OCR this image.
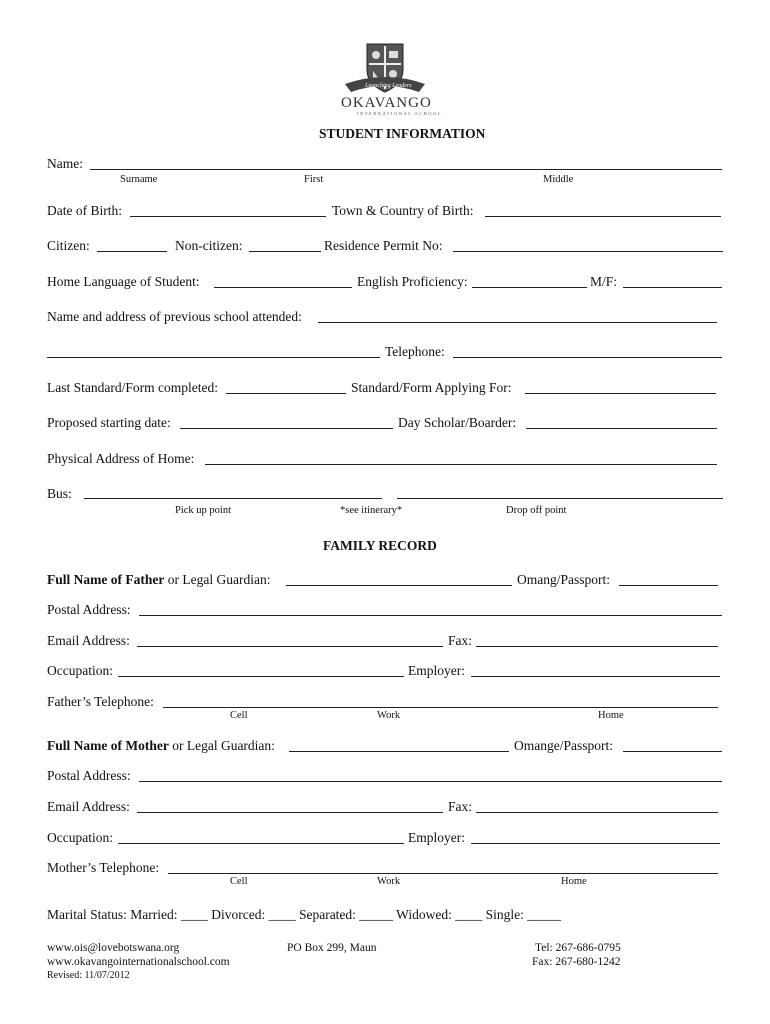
Launching Leaders
OKAVANGO
INTERNATIONAL SCHOOL
STUDENT INFORMATION
Name:
Surname	First	Middle
Date of Birth:	Town & Country of Birth:
Citizen:	Non-citizen:	Residence Permit No:
Home Language of Student:	English Proficiency:	M/F:
Name and address of previous school attended:
Telephone:
Last Standard/Form completed:	Standard/Form Applying For:
Proposed starting date:	Day Scholar/Boarder:
Physical Address of Home:
Bus:
Pick up point	*see itinerary*	Drop off point
FAMILY RECORD
Full Name of Father or Legal Guardian:	Omang/Passport:
Postal Address:
Email Address:	Fax:
Occupation:	Employer:
Father’s Telephone:
Cell	Work	Home
Full Name of Mother or Legal Guardian:	Omange/Passport:
Postal Address:
Email Address:	Fax:
Occupation:	Employer:
Mother’s Telephone:
Cell	Work	Home
Marital Status: Married: ____ Divorced: ____ Separated: _____ Widowed: ____ Single: _____
www.ois@lovebotswana.org
www.okavangointernationalschool.com
Revised: 11/07/2012
PO Box 299, Maun	Tel: 267-686-0795
Fax: 267-680-1242
